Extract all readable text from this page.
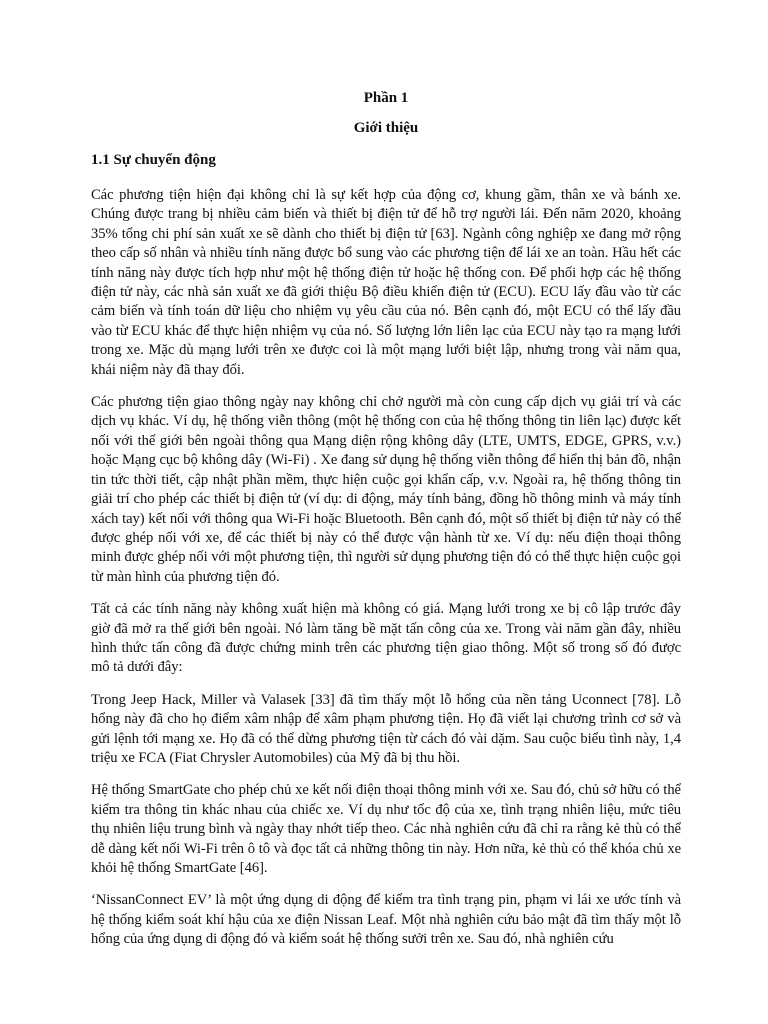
Phần 1
Giới thiệu
1.1 Sự chuyển động

Các phương tiện hiện đại không chỉ là sự kết hợp của động cơ, khung gầm, thân xe và bánh xe. Chúng được trang bị nhiều cảm biến và thiết bị điện tử để hỗ trợ người lái. Đến năm 2020, khoảng 35% tổng chi phí sản xuất xe sẽ dành cho thiết bị điện tử [63]. Ngành công nghiệp xe đang mở rộng theo cấp số nhân và nhiều tính năng được bổ sung vào các phương tiện để lái xe an toàn. Hầu hết các tính năng này được tích hợp như một hệ thống điện tử hoặc hệ thống con. Để phối hợp các hệ thống điện tử này, các nhà sản xuất xe đã giới thiệu Bộ điều khiển điện tử (ECU). ECU lấy đầu vào từ các cảm biến và tính toán dữ liệu cho nhiệm vụ yêu cầu của nó. Bên cạnh đó, một ECU có thể lấy đầu vào từ ECU khác để thực hiện nhiệm vụ của nó. Số lượng lớn liên lạc của ECU này tạo ra mạng lưới trong xe. Mặc dù mạng lưới trên xe được coi là một mạng lưới biệt lập, nhưng trong vài năm qua, khái niệm này đã thay đổi.

Các phương tiện giao thông ngày nay không chỉ chở người mà còn cung cấp dịch vụ giải trí và các dịch vụ khác. Ví dụ, hệ thống viễn thông (một hệ thống con của hệ thống thông tin liên lạc) được kết nối với thế giới bên ngoài thông qua Mạng diện rộng không dây (LTE, UMTS, EDGE, GPRS, v.v.) hoặc Mạng cục bộ không dây (Wi-Fi) . Xe đang sử dụng hệ thống viễn thông để hiển thị bản đồ, nhận tin tức thời tiết, cập nhật phần mềm, thực hiện cuộc gọi khẩn cấp, v.v. Ngoài ra, hệ thống thông tin giải trí cho phép các thiết bị điện tử (ví dụ: di động, máy tính bảng, đồng hồ thông minh và máy tính xách tay) kết nối với thông qua Wi-Fi hoặc Bluetooth. Bên cạnh đó, một số thiết bị điện tử này có thể được ghép nối với xe, để các thiết bị này có thể được vận hành từ xe. Ví dụ: nếu điện thoại thông minh được ghép nối với một phương tiện, thì người sử dụng phương tiện đó có thể thực hiện cuộc gọi từ màn hình của phương tiện đó.

Tất cả các tính năng này không xuất hiện mà không có giá. Mạng lưới trong xe bị cô lập trước đây giờ đã mở ra thế giới bên ngoài. Nó làm tăng bề mặt tấn công của xe. Trong vài năm gần đây, nhiều hình thức tấn công đã được chứng minh trên các phương tiện giao thông. Một số trong số đó được mô tả dưới đây:

Trong Jeep Hack, Miller và Valasek [33] đã tìm thấy một lỗ hổng của nền tảng Uconnect [78]. Lỗ hổng này đã cho họ điểm xâm nhập để xâm phạm phương tiện. Họ đã viết lại chương trình cơ sở và gửi lệnh tới mạng xe. Họ đã có thể dừng phương tiện từ cách đó vài dặm. Sau cuộc biểu tình này, 1,4 triệu xe FCA (Fiat Chrysler Automobiles) của Mỹ đã bị thu hồi.

Hệ thống SmartGate cho phép chủ xe kết nối điện thoại thông minh với xe. Sau đó, chủ sở hữu có thể kiểm tra thông tin khác nhau của chiếc xe. Ví dụ như tốc độ của xe, tình trạng nhiên liệu, mức tiêu thụ nhiên liệu trung bình và ngày thay nhớt tiếp theo. Các nhà nghiên cứu đã chỉ ra rằng kẻ thù có thể dễ dàng kết nối Wi-Fi trên ô tô và đọc tất cả những thông tin này. Hơn nữa, kẻ thù có thể khóa chủ xe khỏi hệ thống SmartGate [46].

‘NissanConnect EV’ là một ứng dụng di động để kiểm tra tình trạng pin, phạm vi lái xe ước tính và hệ thống kiểm soát khí hậu của xe điện Nissan Leaf. Một nhà nghiên cứu bảo mật đã tìm thấy một lỗ hổng của ứng dụng di động đó và kiểm soát hệ thống sưởi trên xe. Sau đó, nhà nghiên cứu
